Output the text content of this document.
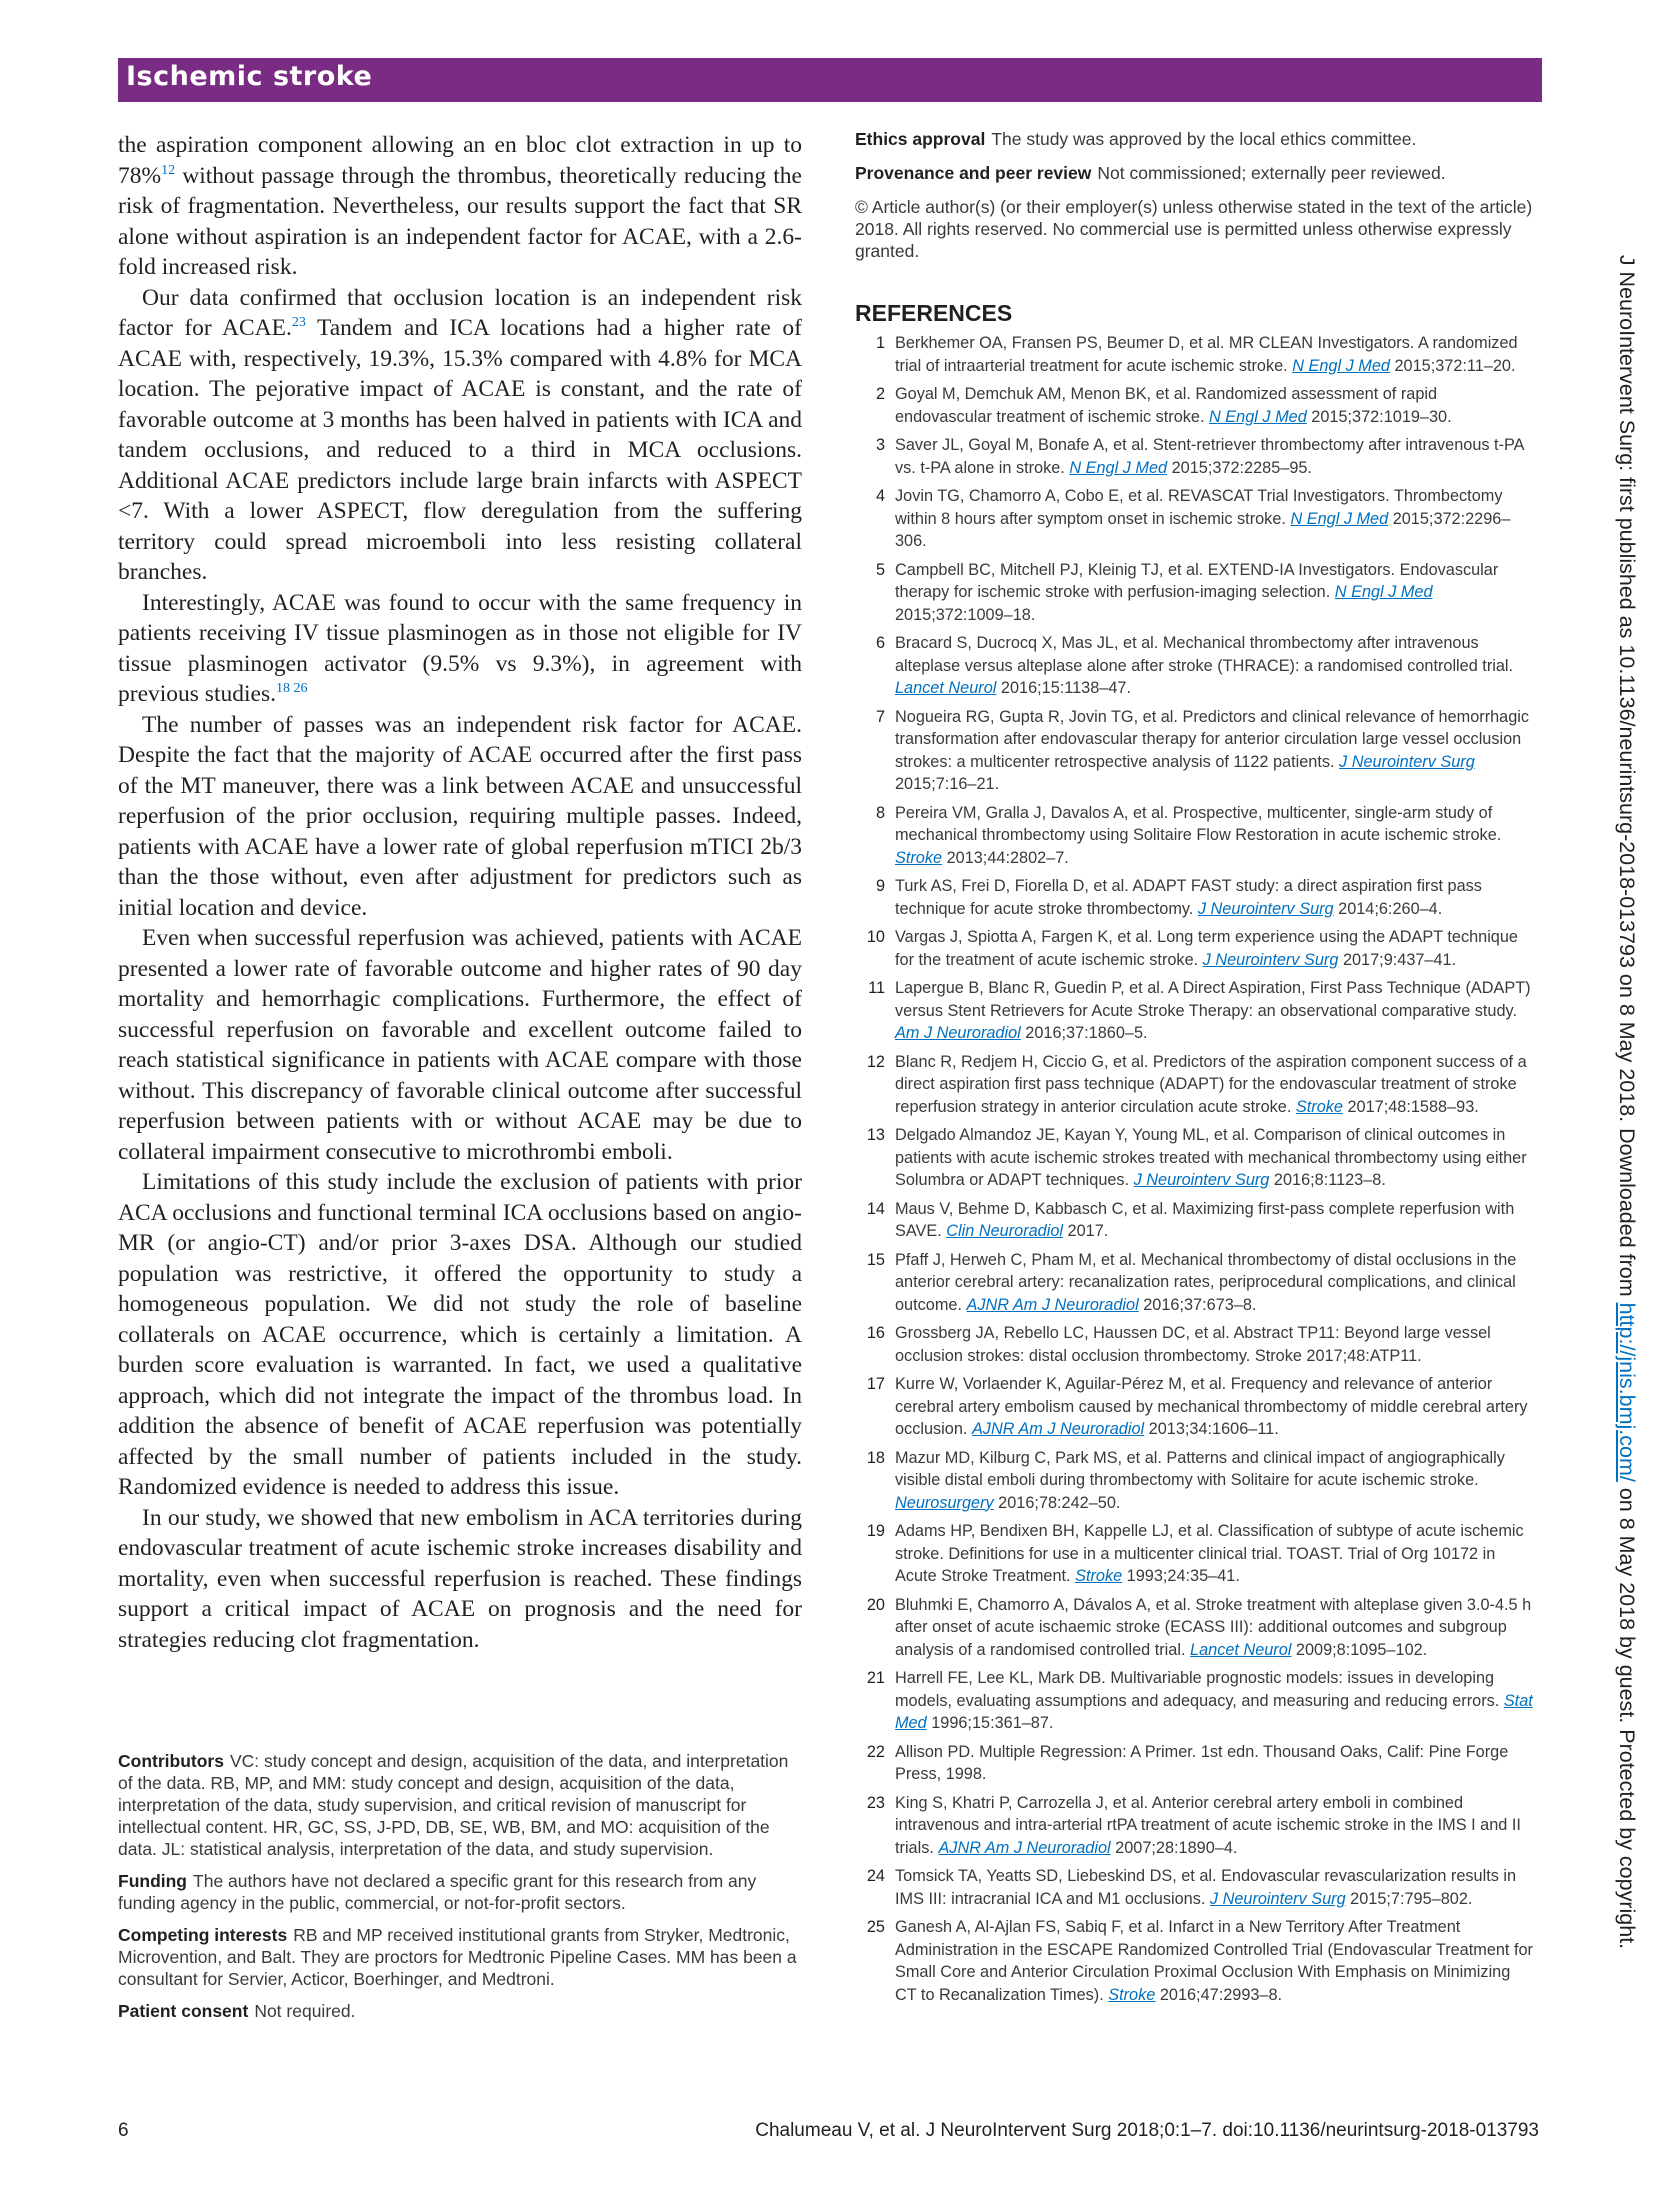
Ischemic stroke
J NeuroIntervent Surg: first published as 10.1136/neurintsurg-2018-013793 on 8 May 2018. Downloaded from http://jnis.bmj.com/ on 8 May 2018 by guest. Protected by copyright.

the aspiration component allowing an en bloc clot extraction in up to 78%$^{12}$ without passage through the thrombus, theoretically reducing the risk of fragmentation. Nevertheless, our results support the fact that SR alone without aspiration is an independent factor for ACAE, with a 2.6-fold increased risk.

Our data confirmed that occlusion location is an independent risk factor for ACAE.$^{23}$ Tandem and ICA locations had a higher rate of ACAE with, respectively, 19.3%, 15.3% compared with 4.8% for MCA location. The pejorative impact of ACAE is constant, and the rate of favorable outcome at 3 months has been halved in patients with ICA and tandem occlusions, and reduced to a third in MCA occlusions. Additional ACAE predictors include large brain infarcts with ASPECT <7. With a lower ASPECT, flow deregulation from the suffering territory could spread microemboli into less resisting collateral branches.

Interestingly, ACAE was found to occur with the same frequency in patients receiving IV tissue plasminogen as in those not eligible for IV tissue plasminogen activator (9.5% vs 9.3%), in agreement with previous studies.$^{18 26}$

The number of passes was an independent risk factor for ACAE. Despite the fact that the majority of ACAE occurred after the first pass of the MT maneuver, there was a link between ACAE and unsuccessful reperfusion of the prior occlusion, requiring multiple passes. Indeed, patients with ACAE have a lower rate of global reperfusion mTICI 2b/3 than the those without, even after adjustment for predictors such as initial location and device.

Even when successful reperfusion was achieved, patients with ACAE presented a lower rate of favorable outcome and higher rates of 90 day mortality and hemorrhagic complications. Furthermore, the effect of successful reperfusion on favorable and excellent outcome failed to reach statistical significance in patients with ACAE compare with those without. This discrepancy of favorable clinical outcome after successful reperfusion between patients with or without ACAE may be due to collateral impairment consecutive to microthrombi emboli.

Limitations of this study include the exclusion of patients with prior ACA occlusions and functional terminal ICA occlusions based on angio-MR (or angio-CT) and/or prior 3-axes DSA. Although our studied population was restrictive, it offered the opportunity to study a homogeneous population. We did not study the role of baseline collaterals on ACAE occurrence, which is certainly a limitation. A burden score evaluation is warranted. In fact, we used a qualitative approach, which did not integrate the impact of the thrombus load. In addition the absence of benefit of ACAE reperfusion was potentially affected by the small number of patients included in the study. Randomized evidence is needed to address this issue.

In our study, we showed that new embolism in ACA territories during endovascular treatment of acute ischemic stroke increases disability and mortality, even when successful reperfusion is reached. These findings support a critical impact of ACAE on prognosis and the need for strategies reducing clot fragmentation.

Contributors VC: study concept and design, acquisition of the data, and interpretation of the data. RB, MP, and MM: study concept and design, acquisition of the data, interpretation of the data, study supervision, and critical revision of manuscript for intellectual content. HR, GC, SS, J-PD, DB, SE, WB, BM, and MO: acquisition of the data. JL: statistical analysis, interpretation of the data, and study supervision.

Funding The authors have not declared a specific grant for this research from any funding agency in the public, commercial, or not-for-profit sectors.

Competing interests RB and MP received institutional grants from Stryker, Medtronic, Microvention, and Balt. They are proctors for Medtronic Pipeline Cases. MM has been a consultant for Servier, Acticor, Boerhinger, and Medtroni.

Patient consent Not required.

Ethics approval The study was approved by the local ethics committee.

Provenance and peer review Not commissioned; externally peer reviewed.

© Article author(s) (or their employer(s) unless otherwise stated in the text of the article) 2018. All rights reserved. No commercial use is permitted unless otherwise expressly granted.

REFERENCES
1 Berkhemer OA, Fransen PS, Beumer D, et al. MR CLEAN Investigators. A randomized trial of intraarterial treatment for acute ischemic stroke. N Engl J Med 2015;372:11–20.
2 Goyal M, Demchuk AM, Menon BK, et al. Randomized assessment of rapid endovascular treatment of ischemic stroke. N Engl J Med 2015;372:1019–30.
3 Saver JL, Goyal M, Bonafe A, et al. Stent-retriever thrombectomy after intravenous t-PA vs. t-PA alone in stroke. N Engl J Med 2015;372:2285–95.
4 Jovin TG, Chamorro A, Cobo E, et al. REVASCAT Trial Investigators. Thrombectomy within 8 hours after symptom onset in ischemic stroke. N Engl J Med 2015;372:2296–306.
5 Campbell BC, Mitchell PJ, Kleinig TJ, et al. EXTEND-IA Investigators. Endovascular therapy for ischemic stroke with perfusion-imaging selection. N Engl J Med 2015;372:1009–18.
6 Bracard S, Ducrocq X, Mas JL, et al. Mechanical thrombectomy after intravenous alteplase versus alteplase alone after stroke (THRACE): a randomised controlled trial. Lancet Neurol 2016;15:1138–47.
7 Nogueira RG, Gupta R, Jovin TG, et al. Predictors and clinical relevance of hemorrhagic transformation after endovascular therapy for anterior circulation large vessel occlusion strokes: a multicenter retrospective analysis of 1122 patients. J Neurointerv Surg 2015;7:16–21.
8 Pereira VM, Gralla J, Davalos A, et al. Prospective, multicenter, single-arm study of mechanical thrombectomy using Solitaire Flow Restoration in acute ischemic stroke. Stroke 2013;44:2802–7.
9 Turk AS, Frei D, Fiorella D, et al. ADAPT FAST study: a direct aspiration first pass technique for acute stroke thrombectomy. J Neurointerv Surg 2014;6:260–4.
10 Vargas J, Spiotta A, Fargen K, et al. Long term experience using the ADAPT technique for the treatment of acute ischemic stroke. J Neurointerv Surg 2017;9:437–41.
11 Lapergue B, Blanc R, Guedin P, et al. A Direct Aspiration, First Pass Technique (ADAPT) versus Stent Retrievers for Acute Stroke Therapy: an observational comparative study. Am J Neuroradiol 2016;37:1860–5.
12 Blanc R, Redjem H, Ciccio G, et al. Predictors of the aspiration component success of a direct aspiration first pass technique (ADAPT) for the endovascular treatment of stroke reperfusion strategy in anterior circulation acute stroke. Stroke 2017;48:1588–93.
13 Delgado Almandoz JE, Kayan Y, Young ML, et al. Comparison of clinical outcomes in patients with acute ischemic strokes treated with mechanical thrombectomy using either Solumbra or ADAPT techniques. J Neurointerv Surg 2016;8:1123–8.
14 Maus V, Behme D, Kabbasch C, et al. Maximizing first-pass complete reperfusion with SAVE. Clin Neuroradiol 2017.
15 Pfaff J, Herweh C, Pham M, et al. Mechanical thrombectomy of distal occlusions in the anterior cerebral artery: recanalization rates, periprocedural complications, and clinical outcome. AJNR Am J Neuroradiol 2016;37:673–8.
16 Grossberg JA, Rebello LC, Haussen DC, et al. Abstract TP11: Beyond large vessel occlusion strokes: distal occlusion thrombectomy. Stroke 2017;48:ATP11.
17 Kurre W, Vorlaender K, Aguilar-Pérez M, et al. Frequency and relevance of anterior cerebral artery embolism caused by mechanical thrombectomy of middle cerebral artery occlusion. AJNR Am J Neuroradiol 2013;34:1606–11.
18 Mazur MD, Kilburg C, Park MS, et al. Patterns and clinical impact of angiographically visible distal emboli during thrombectomy with Solitaire for acute ischemic stroke. Neurosurgery 2016;78:242–50.
19 Adams HP, Bendixen BH, Kappelle LJ, et al. Classification of subtype of acute ischemic stroke. Definitions for use in a multicenter clinical trial. TOAST. Trial of Org 10172 in Acute Stroke Treatment. Stroke 1993;24:35–41.
20 Bluhmki E, Chamorro A, Dávalos A, et al. Stroke treatment with alteplase given 3.0-4.5 h after onset of acute ischaemic stroke (ECASS III): additional outcomes and subgroup analysis of a randomised controlled trial. Lancet Neurol 2009;8:1095–102.
21 Harrell FE, Lee KL, Mark DB. Multivariable prognostic models: issues in developing models, evaluating assumptions and adequacy, and measuring and reducing errors. Stat Med 1996;15:361–87.
22 Allison PD. Multiple Regression: A Primer. 1st edn. Thousand Oaks, Calif: Pine Forge Press, 1998.
23 King S, Khatri P, Carrozella J, et al. Anterior cerebral artery emboli in combined intravenous and intra-arterial rtPA treatment of acute ischemic stroke in the IMS I and II trials. AJNR Am J Neuroradiol 2007;28:1890–4.
24 Tomsick TA, Yeatts SD, Liebeskind DS, et al. Endovascular revascularization results in IMS III: intracranial ICA and M1 occlusions. J Neurointerv Surg 2015;7:795–802.
25 Ganesh A, Al-Ajlan FS, Sabiq F, et al. Infarct in a New Territory After Treatment Administration in the ESCAPE Randomized Controlled Trial (Endovascular Treatment for Small Core and Anterior Circulation Proximal Occlusion With Emphasis on Minimizing CT to Recanalization Times). Stroke 2016;47:2993–8.
6	Chalumeau V, et al. J NeuroIntervent Surg 2018;0:1–7. doi:10.1136/neurintsurg-2018-013793
